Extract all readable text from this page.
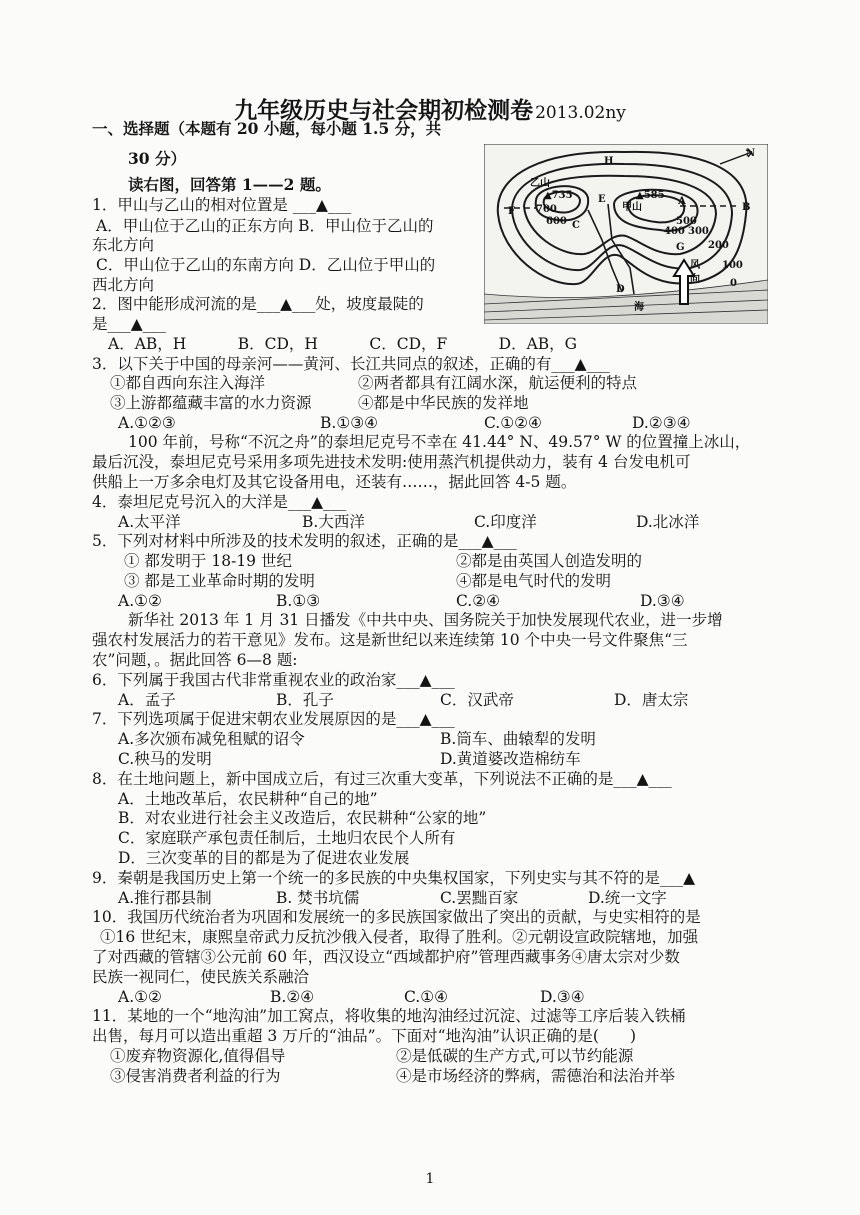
九年级历史与社会期初检测卷 2013.02ny
一、选择题（本题有 20 小题，每小题 1.5 分，共
30 分）
读右图，回答第 1——2 题。
1．甲山与乙山的相对位置是 ___▲___
A．甲山位于乙山的正东方向 B．甲山位于乙山的
东北方向
C．甲山位于乙山的东南方向 D．乙山位于甲山的
西北方向
2．图中能形成河流的是___▲___处，坡度最陡的
是___▲___
A．AB，H　　　 B．CD，H　　　 C．CD，F　　　 D．AB，G
3．以下关于中国的母亲河——黄河、长江共同点的叙述，正确的有___▲___
①都自西向东注入海洋	②两者都具有江阔水深，航运便利的特点
③上游都蕴藏丰富的水力资源	④都是中华民族的发祥地
A.①②③	B.①③④	C.①②④	D.②③④
100 年前，号称“不沉之舟”的泰坦尼克号不幸在 41.44° N、49.57° W 的位置撞上冰山，
最后沉没，泰坦尼克号采用多项先进技术发明:使用蒸汽机提供动力，装有 4 台发电机可
供船上一万多余电灯及其它设备用电，还装有……，据此回答 4-5 题。
4．泰坦尼克号沉入的大洋是___▲___
A.太平洋	B.大西洋	C.印度洋	D.北冰洋
5．下列对材料中所涉及的技术发明的叙述，正确的是___▲___
① 都发明于 18-19 世纪	②都是由英国人创造发明的
③ 都是工业革命时期的发明	④都是电气时代的发明
A.①②	B.①③	C.②④	D.③④
新华社 2013 年 1 月 31 日播发《中共中央、国务院关于加快发展现代农业，进一步增
强农村发展活力的若干意见》发布。这是新世纪以来连续第 10 个中央一号文件聚焦“三
农”问题，。据此回答 6—8 题:
6．下列属于我国古代非常重视农业的政治家___▲___
A．孟子	B．孔子	C．汉武帝	D．唐太宗
7．下列选项属于促进宋朝农业发展原因的是___▲___
A.多次颁布减免租赋的诏令	B.筒车、曲辕犁的发明
C.秧马的发明	D.黄道婆改造棉纺车
8．在土地问题上，新中国成立后，有过三次重大变革，下列说法不正确的是___▲___
A．土地改革后，农民耕种“自己的地”
B．对农业进行社会主义改造后，农民耕种“公家的地”
C．家庭联产承包责任制后，土地归农民个人所有
D．三次变革的目的都是为了促进农业发展
9．秦朝是我国历史上第一个统一的多民族的中央集权国家，下列史实与其不符的是___▲
A.推行郡县制	B. 焚书坑儒	C.罢黜百家	D.统一文字
10．我国历代统治者为巩固和发展统一的多民族国家做出了突出的贡献，与史实相符的是
①16 世纪末，康熙皇帝武力反抗沙俄入侵者，取得了胜利。②元朝设宣政院辖地，加强
了对西藏的管辖③公元前 60 年，西汉设立“西域都护府”管理西藏事务④唐太宗对少数
民族一视同仁，使民族关系融洽
A.①②	B.②④	C.①④	D.③④
11．某地的一个“地沟油”加工窝点，将收集的地沟油经过沉淀、过滤等工序后装入铁桶
出售，每月可以造出重超 3 万斤的“油品”。下面对“地沟油”认识正确的是(　　)
①废弃物资源化,值得倡导	②是低碳的生产方式,可以节约能源
③侵害消费者利益的行为	④是市场经济的弊病，需德治和法治并举
H
乙山
▲735
700
600
E	▲585
甲山
F
A
500
400 300
B
C
G 200
100
0
风
向
D
海
N
1
